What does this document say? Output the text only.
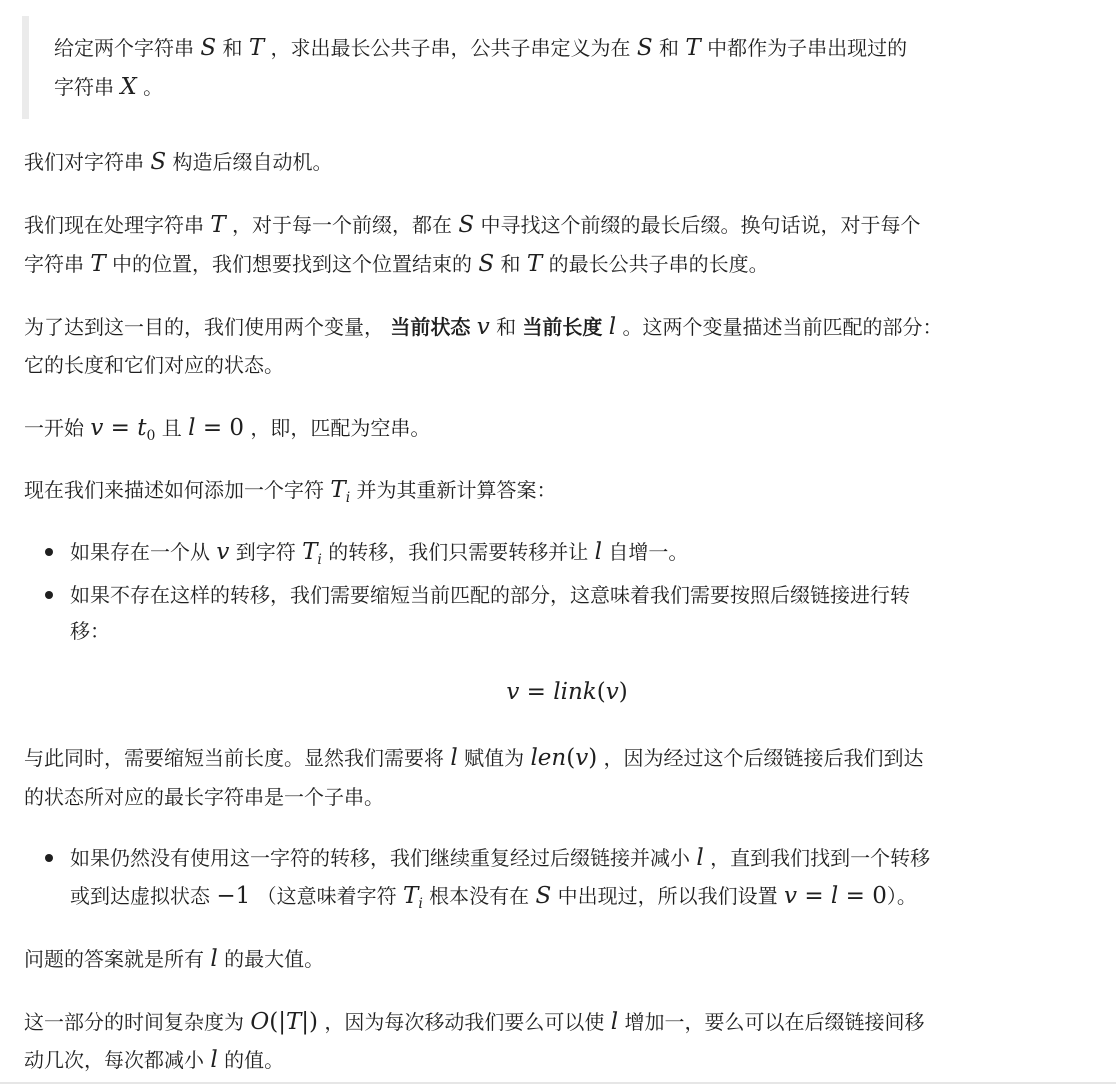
给定两个字符串 S 和 T ，求出最长公共子串，公共子串定义为在 S 和 T 中都作为子串出现过的
字符串 X 。
我们对字符串 S 构造后缀自动机。
我们现在处理字符串 T ，对于每一个前缀，都在 S 中寻找这个前缀的最长后缀。换句话说，对于每个
字符串 T 中的位置，我们想要找到这个位置结束的 S 和 T 的最长公共子串的长度。
为了达到这一目的，我们使用两个变量， 当前状态 v 和 当前长度 l 。这两个变量描述当前匹配的部分：
它的长度和它们对应的状态。
一开始 $v = t_0$ 且 l = 0 ，即，匹配为空串。
现在我们来描述如何添加一个字符 $T_i$ 并为其重新计算答案：
如果存在一个从 v 到字符 $T_i$ 的转移，我们只需要转移并让 l 自增一。
如果不存在这样的转移，我们需要缩短当前匹配的部分，这意味着我们需要按照后缀链接进行转
移：
v = link(v)
与此同时，需要缩短当前长度。显然我们需要将 l 赋值为 len(v) ，因为经过这个后缀链接后我们到达
的状态所对应的最长字符串是一个子串。
如果仍然没有使用这一字符的转移，我们继续重复经过后缀链接并减小 l ，直到我们找到一个转移
或到达虚拟状态 −1 （这意味着字符 $T_i$ 根本没有在 S 中出现过，所以我们设置 v = l = 0）。
问题的答案就是所有 l 的最大值。
这一部分的时间复杂度为 O(|T|) ，因为每次移动我们要么可以使 l 增加一，要么可以在后缀链接间移
动几次，每次都减小 l 的值。
